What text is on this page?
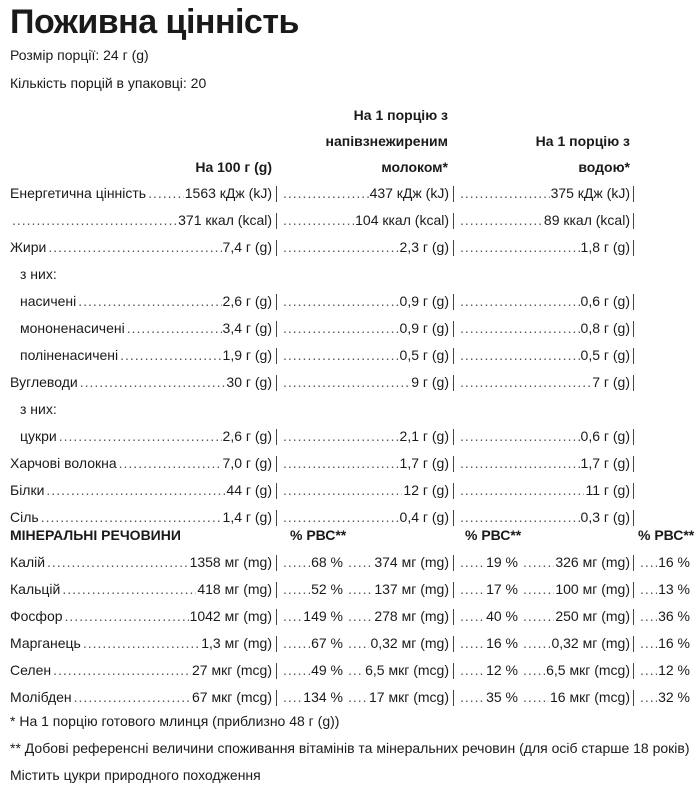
Поживна цінність
Розмір порції: 24 г (g)
Кількість порцій в упаковці: 20
На 1 порцію з
напівзнежиреним
молоком*
На 100 г (g)
На 1 порцію з
водою*
Енергетична цінність .....	1563 кДж (kJ) .....	437 кДж (kJ) .....	375 кДж (kJ)
.....
371 ккал (kcal) .....	104 ккал (kcal) .....	89 ккал (kcal)
Жири .....	7,4 г (g) .....	2,3 г (g) .....	1,8 г (g)
з них:
насичені .....	2,6 г (g) .....	0,9 г (g) .....	0,6 г (g)
мононенасичені .....	3,4 г (g) .....	0,9 г (g) .....	0,8 г (g)
поліненасичені .....	1,9 г (g) .....	0,5 г (g) .....	0,5 г (g)
Вуглеводи .....	30 г (g) .....	9 г (g) .....	7 г (g)
з них:
цукри .....	2,6 г (g) .....	2,1 г (g) .....	0,6 г (g)
Харчові волокна .....	7,0 г (g) .....	1,7 г (g) .....	1,7 г (g)
Білки .....	44 г (g) .....	12 г (g) .....	11 г (g)
Сіль .....	1,4 г (g) .....	0,4 г (g) .....	0,3 г (g)
МІНЕРАЛЬНІ РЕЧОВИНИ	% РВС**	% РВС**	% РВС**
Калій .....	1358 мг (mg) .....	68 % ..... 374 мг (mg) .....	19 % .....	326 мг (mg) ..... 16 %
Кальцій .....	418 мг (mg) .....	52 % ..... 137 мг (mg) .....	17 % .....	100 мг (mg) ..... 13 %
Фосфор .....	1042 мг (mg) ..... 149 % ..... 278 мг (mg) .....	40 % .....	250 мг (mg) ..... 36 %
Марганець .....	1,3 мг (mg) .....	67 % ..... 0,32 мг (mg) .....	16 % ..... 0,32 мг (mg) ..... 16 %
Селен .....	27 мкг (mcg) .....	49 % ..... 6,5 мкг (mcg) .....	12 % ..... 6,5 мкг (mcg) ..... 12 %
Молібден .....	67 мкг (mcg) ..... 134 % ..... 17 мкг (mcg) .....	35 % ..... 16 мкг (mcg) ..... 32 %
* На 1 порцію готового млинця (приблизно 48 г (g))
** Добові референсні величини споживання вітамінів та мінеральних речовин (для осіб старше 18 років)
Містить цукри природного походження
